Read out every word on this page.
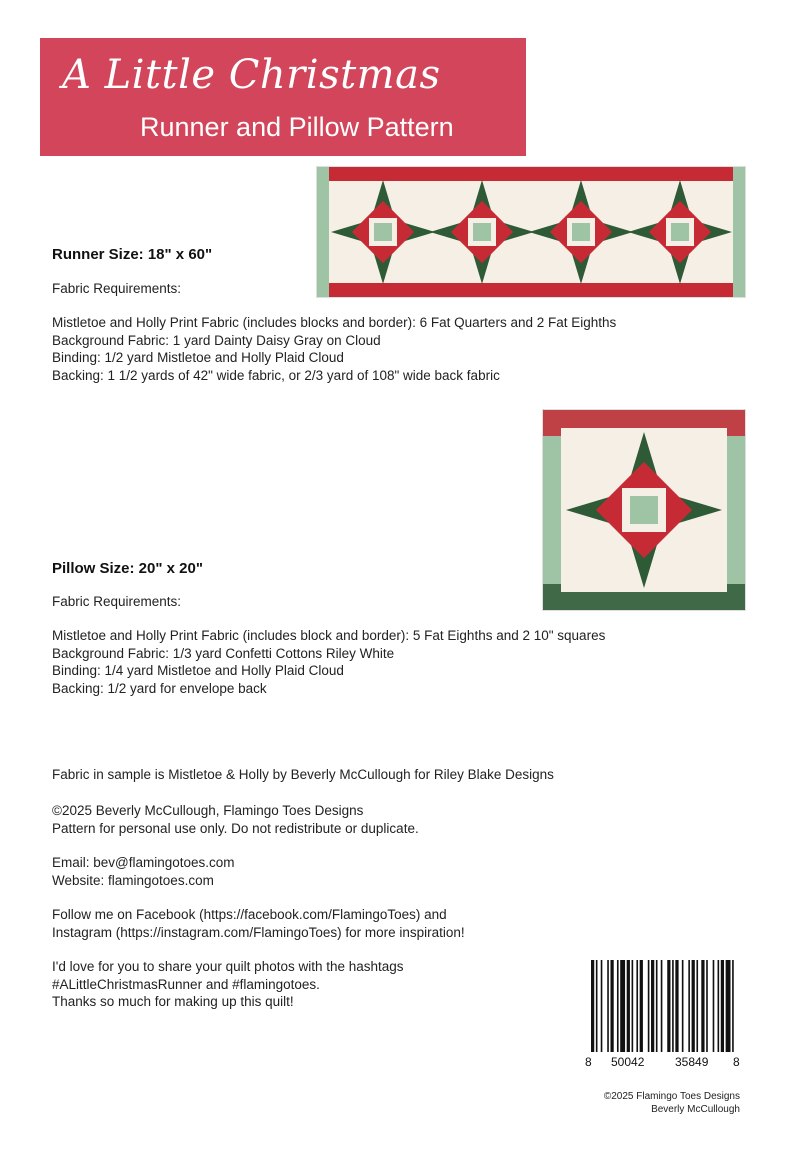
A Little Christmas
Runner and Pillow Pattern
Runner Size: 18" x 60"
Fabric Requirements:
Mistletoe and Holly Print Fabric (includes blocks and border): 6 Fat Quarters and 2 Fat Eighths
Background Fabric: 1 yard Dainty Daisy Gray on Cloud
Binding: 1/2 yard Mistletoe and Holly Plaid Cloud
Backing: 1 1/2 yards of 42" wide fabric, or 2/3 yard of 108" wide back fabric
Pillow Size: 20" x 20"
Fabric Requirements:
Mistletoe and Holly Print Fabric (includes block and border): 5 Fat Eighths and 2 10" squares
Background Fabric: 1/3 yard Confetti Cottons Riley White
Binding: 1/4 yard Mistletoe and Holly Plaid Cloud
Backing: 1/2 yard for envelope back
Fabric in sample is Mistletoe & Holly by Beverly McCullough for Riley Blake Designs
©2025 Beverly McCullough, Flamingo Toes Designs
Pattern for personal use only. Do not redistribute or duplicate.
Email: bev@flamingotoes.com
Website: flamingotoes.com
Follow me on Facebook (https://facebook.com/FlamingoToes) and
Instagram (https://instagram.com/FlamingoToes) for more inspiration!
I'd love for you to share your quilt photos with the hashtags
#ALittleChristmasRunner and #flamingotoes.
Thanks so much for making up this quilt!
8 50042	35849 8
©2025 Flamingo Toes Designs
Beverly McCullough
